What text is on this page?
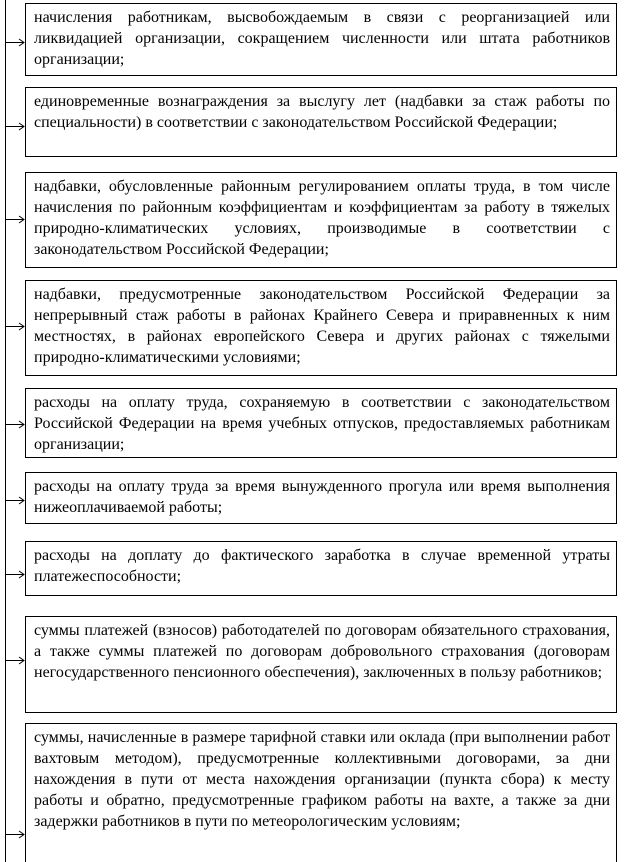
начисления работникам, высвобождаемым в связи с реорганизацией или ликвидацией организации, сокращением численности или штата работников организации;

единовременные вознаграждения за выслугу лет (надбавки за стаж работы по специальности) в соответствии с законодательством Российской Федерации;

надбавки, обусловленные районным регулированием оплаты труда, в том числе начисления по районным коэффициентам и коэффициентам за работу в тяжелых природно-климатических условиях, производимые в соответствии с законодательством Российской Федерации;

надбавки, предусмотренные законодательством Российской Федерации за непрерывный стаж работы в районах Крайнего Севера и приравненных к ним местностях, в районах европейского Севера и других районах с тяжелыми природно-климатическими условиями;

расходы на оплату труда, сохраняемую в соответствии с законодательством Российской Федерации на время учебных отпусков, предоставляемых работникам организации;

расходы на оплату труда за время вынужденного прогула или время выполнения нижеоплачиваемой работы;

расходы на доплату до фактического заработка в случае временной утраты платежеспособности;

суммы платежей (взносов) работодателей по договорам обязательного страхования, а также суммы платежей по договорам добровольного страхования (договорам негосударственного пенсионного обеспечения), заключенных в пользу работников;

суммы, начисленные в размере тарифной ставки или оклада (при выполнении работ вахтовым методом), предусмотренные коллективными договорами, за дни нахождения в пути от места нахождения организации (пункта сбора) к месту работы и обратно, предусмотренные графиком работы на вахте, а также за дни задержки работников в пути по метеорологическим условиям;
